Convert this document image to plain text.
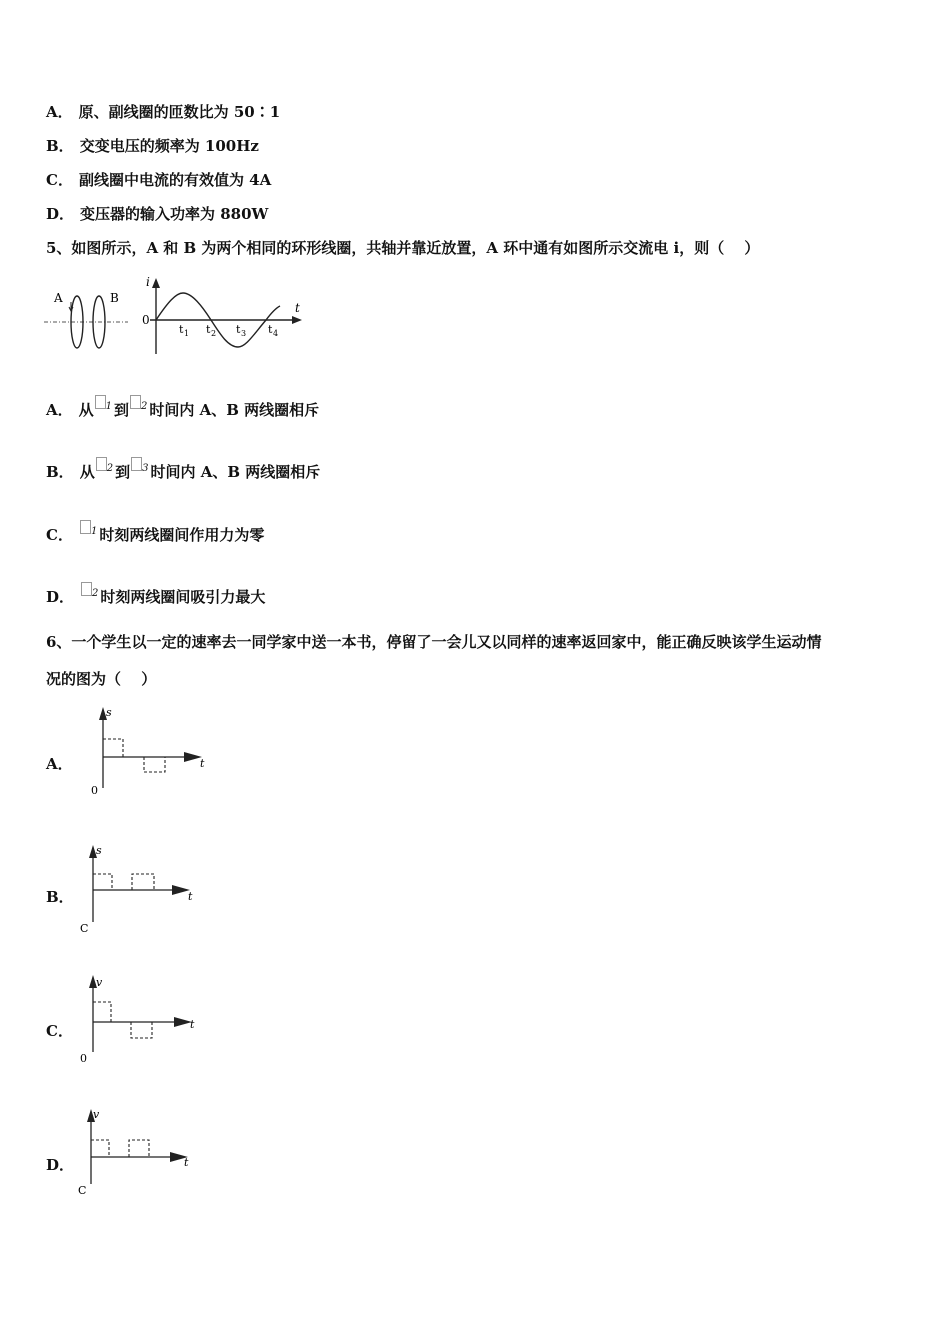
A． 原、副线圈的匝数比为 50∶1
B． 交变电压的频率为 100Hz
C． 副线圈中电流的有效值为 4A
D． 变压器的输入功率为 880W
5、如图所示，A 和 B 为两个相同的环形线圈，共轴并靠近放置，A 环中通有如图所示交流电 i，则（　 ）
A	B
i
t
0
t 1 t 2 t 3 t 4
A． 从 $^1$ 到 $^2$ 时间内 A、B 两线圈相斥
B． 从 $^2$ 到 $^3$ 时间内 A、B 两线圈相斥
C． $^1$ 时刻两线圈间作用力为零
D． $^2$ 时刻两线圈间吸引力最大
6、一个学生以一定的速率去一同学家中送一本书，停留了一会儿又以同样的速率返回家中，能正确反映该学生运动情
况的图为（　 ）
A．
s
t
0
B．
s
t
C
C．
v
t
0
D．
v
t
C
